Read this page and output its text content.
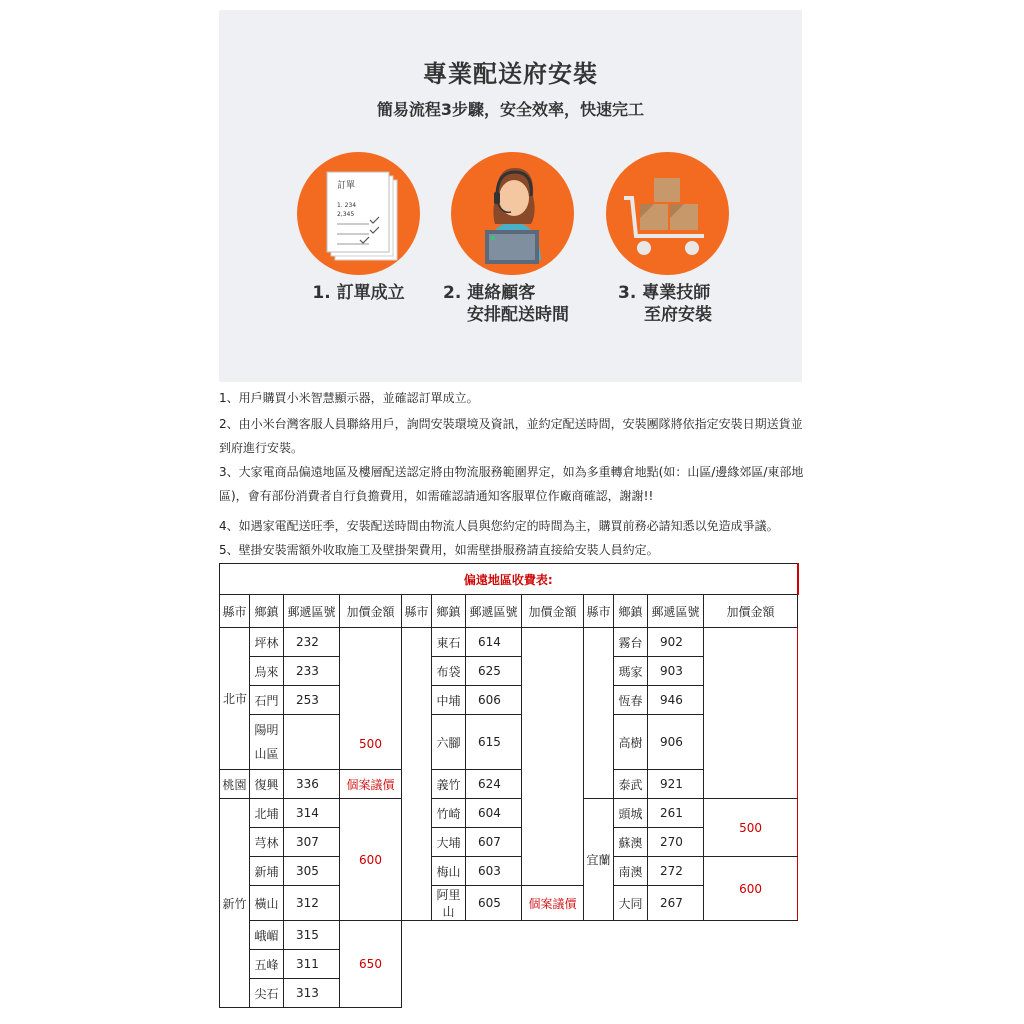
專業配送府安裝
簡易流程3步驟，安全效率，快速完工
訂單
1. 234
2,345
1. 訂單成立	2. 連絡顧客
安排配送時間
3. 專業技師
至府安裝
1、用戶購買小米智慧顯示器，並確認訂單成立。
2、由小米台灣客服人員聯絡用戶，詢問安裝環境及資訊，並約定配送時間，安裝團隊將依指定安裝日期送貨並到府進行安裝。
3、大家電商品偏遠地區及樓層配送認定將由物流服務範圍界定，如為多重轉倉地點(如：山區/邊緣郊區/東部地區)，會有部份消費者自行負擔費用，如需確認請通知客服單位作廠商確認，謝謝!!
4、如遇家電配送旺季，安裝配送時間由物流人員與您約定的時間為主，購買前務必請知悉以免造成爭議。
5、壁掛安裝需額外收取施工及壁掛架費用，如需壁掛服務請直接給安裝人員約定。
偏遠地區收費表:											
縣市	鄉鎮	郵遞區號	加價金額	縣市	鄉鎮	郵遞區號	加價金額	縣市	鄉鎮	郵遞區號	加價金額
北市	坪林	232	500		東石	614			霧台	902	
	烏來	233			布袋	625			瑪家	903	
	石門	253			中埔	606			恆春	946	
	陽明山區				六腳	615			高樹	906	
桃園	復興	336	個案議價		義竹	624			泰武	921	
新竹	北埔	314	600		竹崎	604		宜蘭	頭城	261	500
	芎林	307			大埔	607			蘇澳	270	
	新埔	305			梅山	603			南澳	272	600
	橫山	312			阿里山	605	個案議價		大同	267	
	峨嵋	315	650								
	五峰	311									
	尖石	313									
